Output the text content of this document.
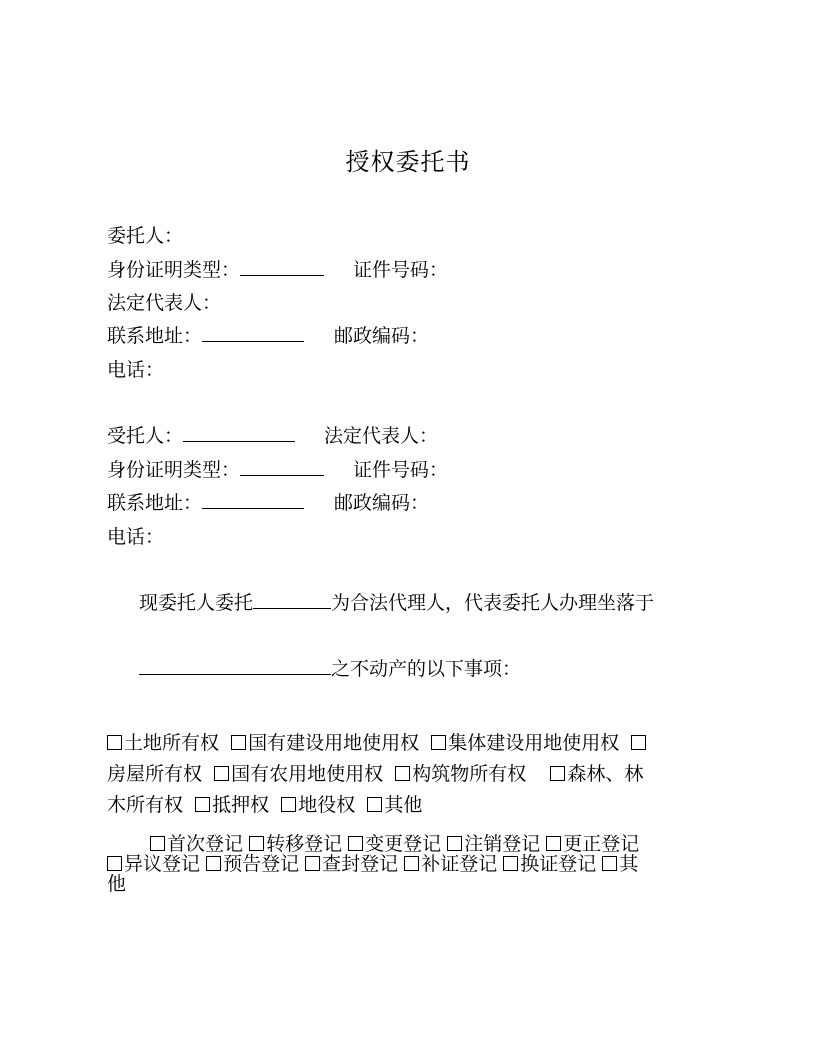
授权委托书
委托人：
身份证明类型：	证件号码：
法定代表人：
联系地址：	邮政编码：
电话：
受托人：	法定代表人：
身份证明类型：	证件号码：
联系地址：	邮政编码：
电话：
现委托人委托	为合法代理人，代表委托人办理坐落于
之不动产的以下事项：
土地所有权 国有建设用地使用权 集体建设用地使用权
房屋所有权 国有农用地使用权 构筑物所有权 森林、林
木所有权 抵押权 地役权 其他
首次登记 转移登记 变更登记 注销登记 更正登记
异议登记 预告登记 查封登记 补证登记 换证登记 其
他
